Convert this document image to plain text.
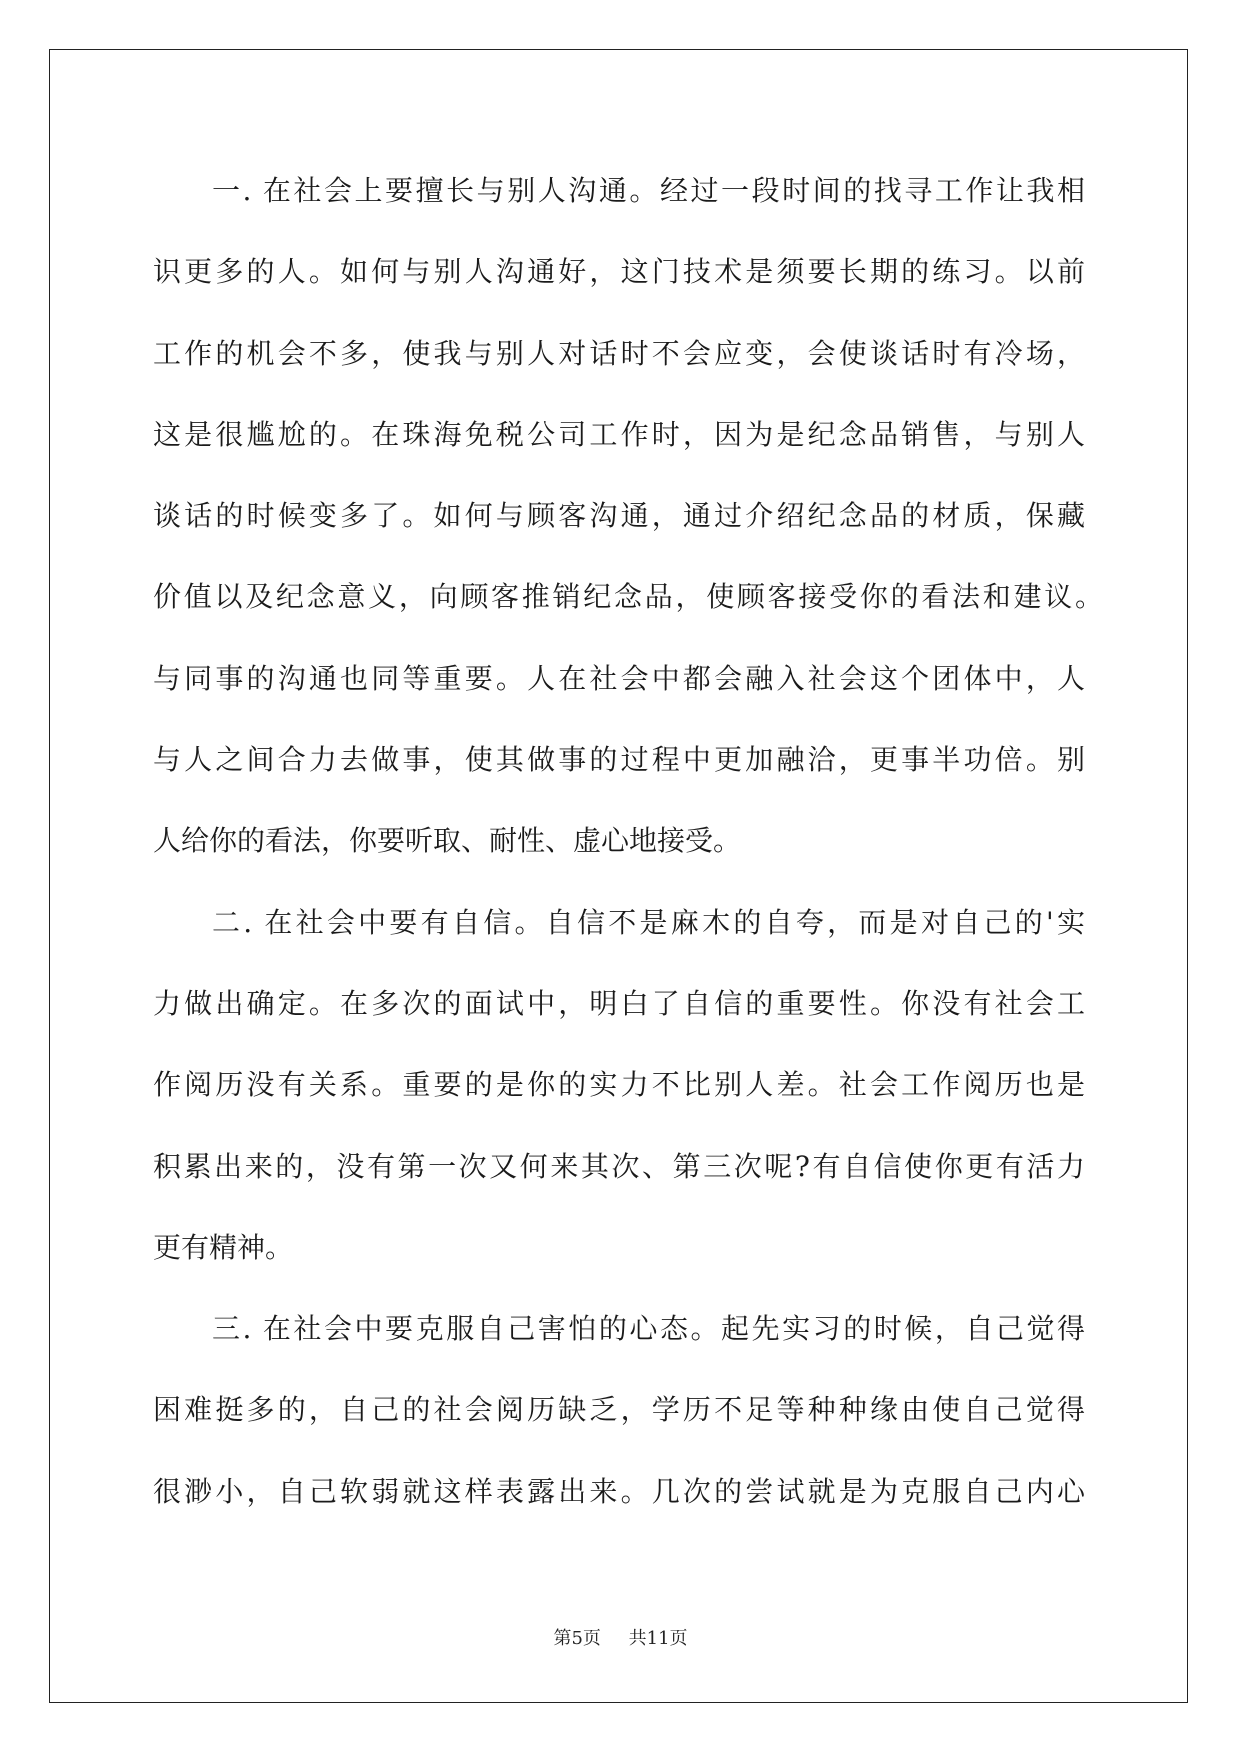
一. 在社会上要擅长与别人沟通。经过一段时间的找寻工作让我相
识更多的人。如何与别人沟通好，这门技术是须要长期的练习。以前
工作的机会不多，使我与别人对话时不会应变，会使谈话时有冷场，
这是很尴尬的。在珠海免税公司工作时，因为是纪念品销售，与别人
谈话的时候变多了。如何与顾客沟通，通过介绍纪念品的材质，保藏
价值以及纪念意义，向顾客推销纪念品，使顾客接受你的看法和建议。
与同事的沟通也同等重要。人在社会中都会融入社会这个团体中，人
与人之间合力去做事，使其做事的过程中更加融洽，更事半功倍。别
人给你的看法，你要听取、耐性、虚心地接受。
二. 在社会中要有自信。自信不是麻木的自夸，而是对自己的'实
力做出确定。在多次的面试中，明白了自信的重要性。你没有社会工
作阅历没有关系。重要的是你的实力不比别人差。社会工作阅历也是
积累出来的，没有第一次又何来其次、第三次呢?有自信使你更有活力
更有精神。
三. 在社会中要克服自己害怕的心态。起先实习的时候，自己觉得
困难挺多的，自己的社会阅历缺乏，学历不足等种种缘由使自己觉得
很渺小，自己软弱就这样表露出来。几次的尝试就是为克服自己内心
第5页 共11页
